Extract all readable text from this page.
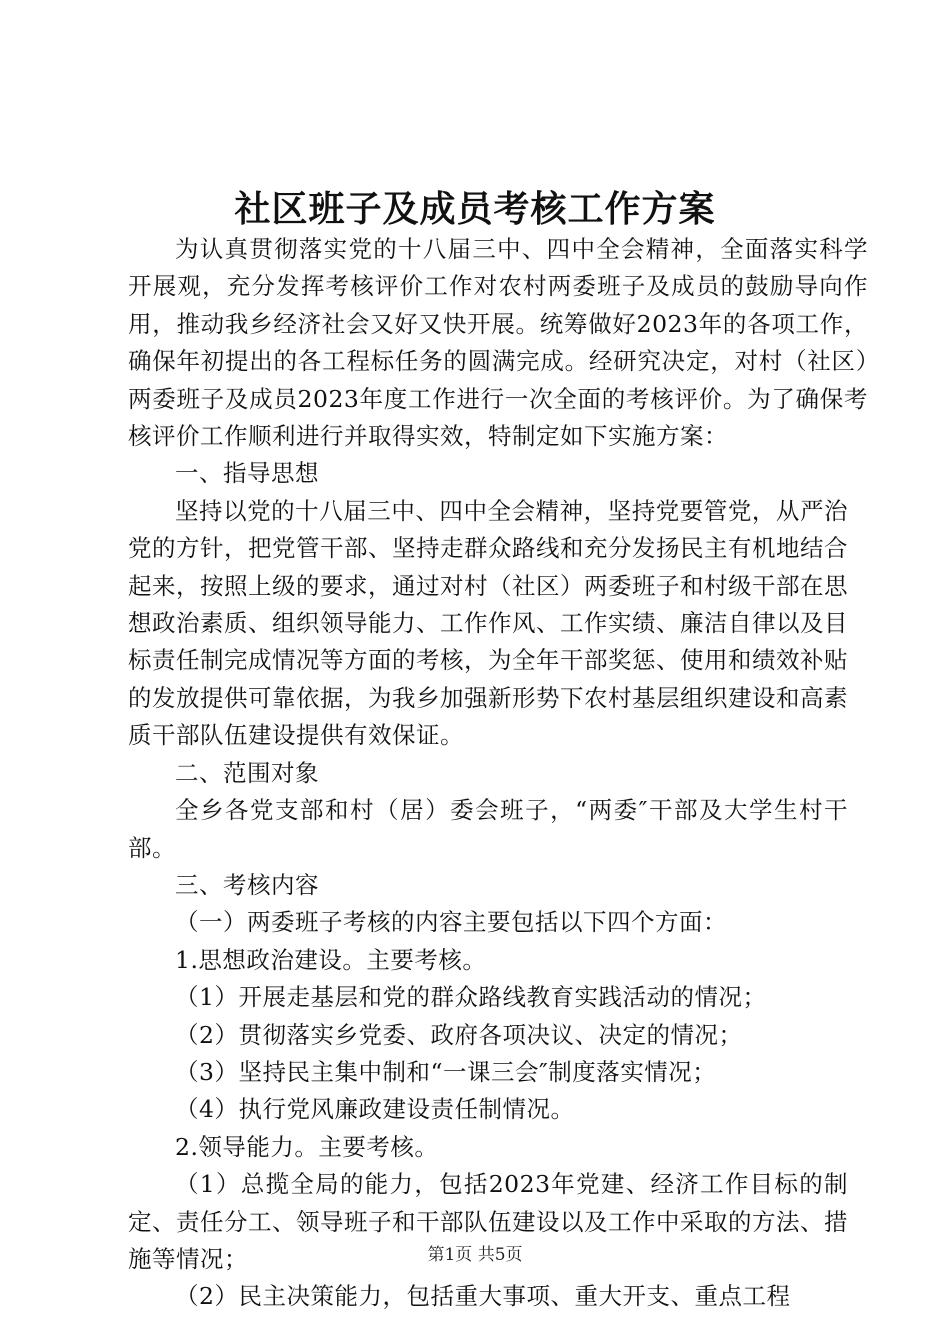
社区班子及成员考核工作方案

为认真贯彻落实党的十八届三中、四中全会精神，全面落实科学开展观，充分发挥考核评价工作对农村两委班子及成员的鼓励导向作用，推动我乡经济社会又好又快开展。统筹做好2023年的各项工作，确保年初提出的各工程标任务的圆满完成。经研究决定，对村（社区）两委班子及成员2023年度工作进行一次全面的考核评价。为了确保考核评价工作顺利进行并取得实效，特制定如下实施方案：

一、指导思想

坚持以党的十八届三中、四中全会精神，坚持党要管党，从严治党的方针，把党管干部、坚持走群众路线和充分发扬民主有机地结合起来，按照上级的要求，通过对村（社区）两委班子和村级干部在思想政治素质、组织领导能力、工作作风、工作实绩、廉洁自律以及目标责任制完成情况等方面的考核，为全年干部奖惩、使用和绩效补贴的发放提供可靠依据，为我乡加强新形势下农村基层组织建设和高素质干部队伍建设提供有效保证。

二、范围对象

全乡各党支部和村（居）委会班子，“两委″干部及大学生村干部。

三、考核内容

（一）两委班子考核的内容主要包括以下四个方面：

1.思想政治建设。主要考核。

（1）开展走基层和党的群众路线教育实践活动的情况；

（2）贯彻落实乡党委、政府各项决议、决定的情况；

（3）坚持民主集中制和“一课三会″制度落实情况；

（4）执行党风廉政建设责任制情况。

2.领导能力。主要考核。

（1）总揽全局的能力，包括2023年党建、经济工作目标的制定、责任分工、领导班子和干部队伍建设以及工作中采取的方法、措施等情况；

（2）民主决策能力，包括重大事项、重大开支、重点工程

第1页 共5页
